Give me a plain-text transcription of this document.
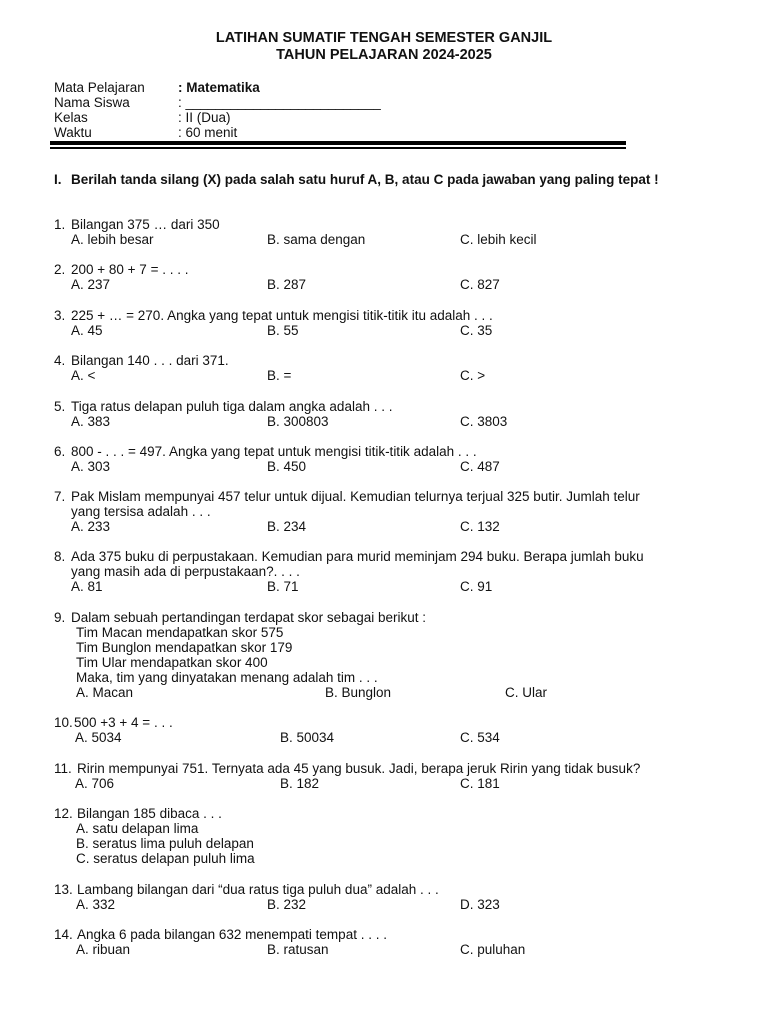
LATIHAN SUMATIF TENGAH SEMESTER GANJIL
TAHUN PELAJARAN 2024-2025
Mata Pelajaran	: Matematika
Nama Siswa	: __________________________
Kelas	: II (Dua)
Waktu	: 60 menit
I. Berilah tanda silang (X) pada salah satu huruf A, B, atau C pada jawaban yang paling tepat !
1. Bilangan 375 … dari 350
A. lebih besar	B. sama dengan	C. lebih kecil
2. 200 + 80 + 7 = . . . .
A. 237	B. 287	C. 827
3. 225 + … = 270. Angka yang tepat untuk mengisi titik-titik itu adalah . . .
A. 45	B. 55	C. 35
4. Bilangan 140 . . . dari 371.
A. <	B. =	C. >
5. Tiga ratus delapan puluh tiga dalam angka adalah . . .
A. 383	B. 300803	C. 3803
6. 800 - . . . = 497. Angka yang tepat untuk mengisi titik-titik adalah . . .
A. 303	B. 450	C. 487
7. Pak Mislam mempunyai 457 telur untuk dijual. Kemudian telurnya terjual 325 butir. Jumlah telur
yang tersisa adalah . . .
A. 233	B. 234	C. 132
8. Ada 375 buku di perpustakaan. Kemudian para murid meminjam 294 buku. Berapa jumlah buku
yang masih ada di perpustakaan?. . . .
A. 81	B. 71	C. 91
9. Dalam sebuah pertandingan terdapat skor sebagai berikut :
Tim Macan mendapatkan skor 575
Tim Bunglon mendapatkan skor 179
Tim Ular mendapatkan skor 400
Maka, tim yang dinyatakan menang adalah tim . . .
A. Macan	B. Bunglon	C. Ular
10. 500 +3 + 4 = . . .
A. 5034	B. 50034	C. 534
11. Ririn mempunyai 751. Ternyata ada 45 yang busuk. Jadi, berapa jeruk Ririn yang tidak busuk?
A. 706	B. 182	C. 181
12. Bilangan 185 dibaca . . .
A. satu delapan lima
B. seratus lima puluh delapan
C. seratus delapan puluh lima
13. Lambang bilangan dari “dua ratus tiga puluh dua” adalah . . .
A. 332	B. 232	D. 323
14. Angka 6 pada bilangan 632 menempati tempat . . . .
A. ribuan	B. ratusan	C. puluhan
